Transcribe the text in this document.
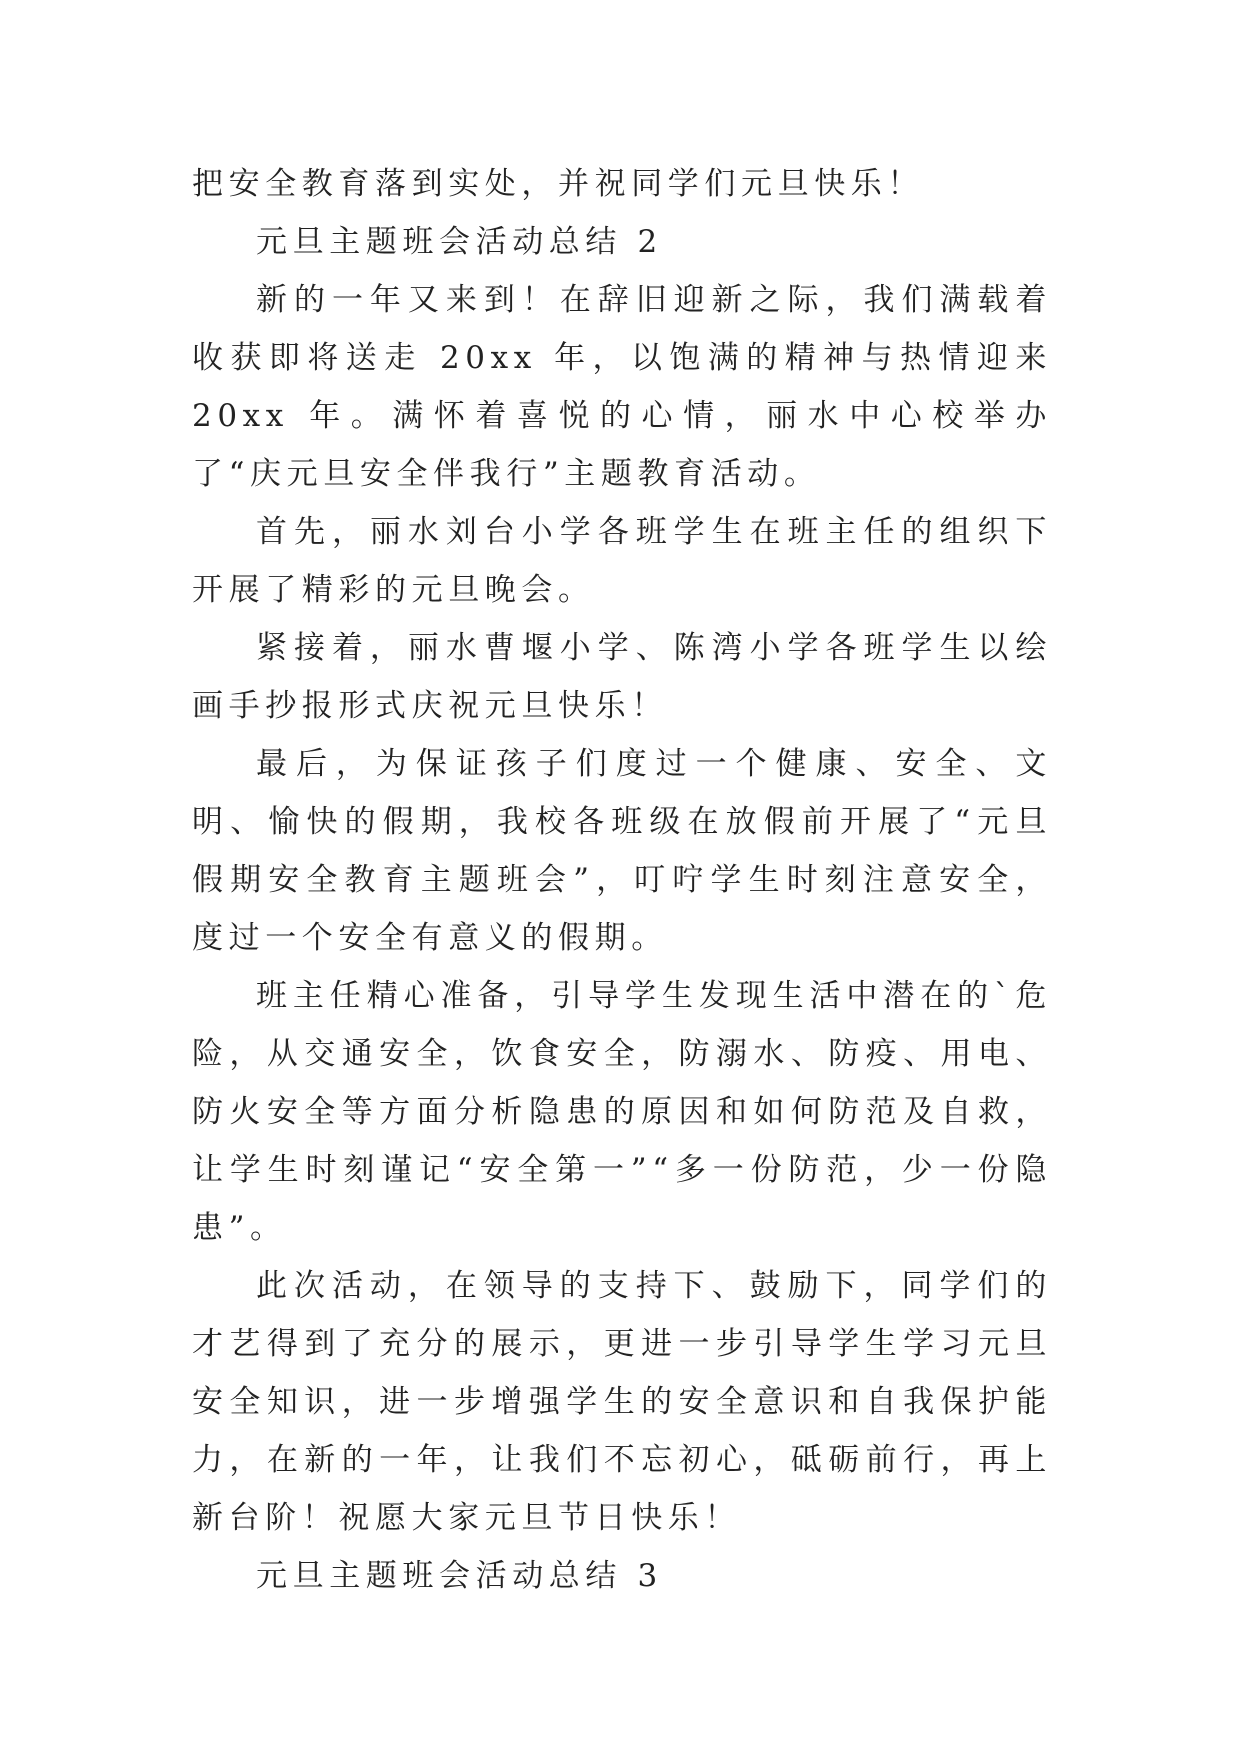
把安全教育落到实处，并祝同学们元旦快乐！

元旦主题班会活动总结 2

新的一年又来到！在辞旧迎新之际，我们满载着收获即将送走 20xx 年，以饱满的精神与热情迎来 20xx 年。满怀着喜悦的心情，丽水中心校举办了“庆元旦安全伴我行”主题教育活动。

首先，丽水刘台小学各班学生在班主任的组织下开展了精彩的元旦晚会。

紧接着，丽水曹堰小学、陈湾小学各班学生以绘画手抄报形式庆祝元旦快乐！

最后，为保证孩子们度过一个健康、安全、文明、愉快的假期，我校各班级在放假前开展了“元旦假期安全教育主题班会”，叮咛学生时刻注意安全，度过一个安全有意义的假期。

班主任精心准备，引导学生发现生活中潜在的`危险，从交通安全，饮食安全，防溺水、防疫、用电、防火安全等方面分析隐患的原因和如何防范及自救，让学生时刻谨记“安全第一”“多一份防范，少一份隐患”。

此次活动，在领导的支持下、鼓励下，同学们的才艺得到了充分的展示，更进一步引导学生学习元旦安全知识，进一步增强学生的安全意识和自我保护能力，在新的一年，让我们不忘初心，砥砺前行，再上新台阶！祝愿大家元旦节日快乐！

元旦主题班会活动总结 3
